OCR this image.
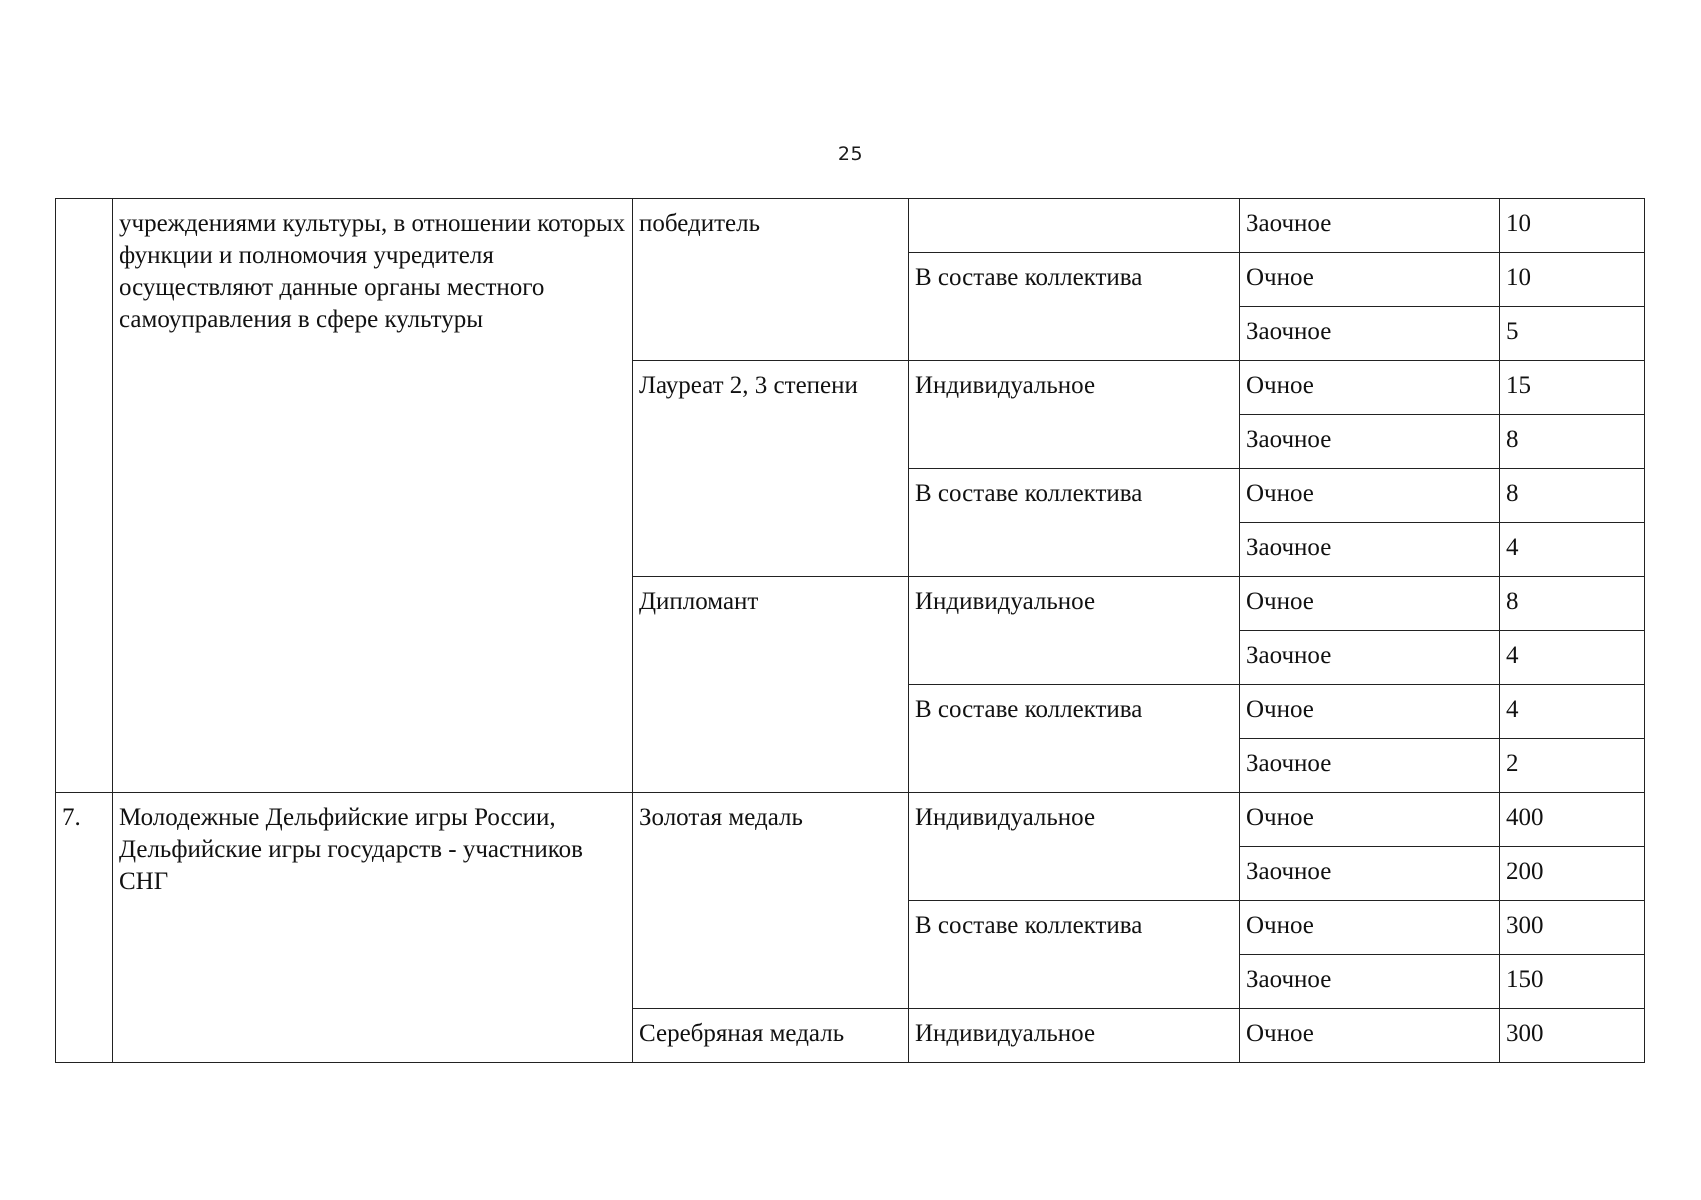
25

	учреждениями культуры, в отношении которых функции и полномочия учредителя осуществляют данные органы местного самоуправления в сфере культуры	победитель		Заочное	10

			В составе коллектива	Очное	10

				Заочное	5

		Лауреат 2, 3 степени	Индивидуальное	Очное	15

				Заочное	8

			В составе коллектива	Очное	8

				Заочное	4

		Дипломант	Индивидуальное	Очное	8

				Заочное	4

			В составе коллектива	Очное	4

				Заочное	2

7.	Молодежные Дельфийские игры России, Дельфийские игры государств - участников СНГ	Золотая медаль	Индивидуальное	Очное	400

				Заочное	200

			В составе коллектива	Очное	300

				Заочное	150

		Серебряная медаль	Индивидуальное	Очное	300
